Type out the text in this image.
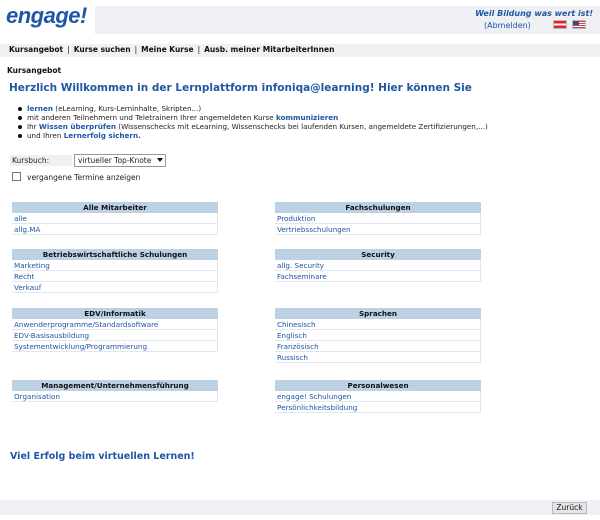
engage!	Weil Bildung was wert ist!
(Abmelden)
Kursangebot | Kurse suchen | Meine Kurse | Ausb. meiner MitarbeiterInnen
Kursangebot
Herzlich Willkommen in der Lernplattform infoniqa@learning! Hier können Sie
lernen (eLearning, Kurs-Lerninhalte, Skripten...)
mit anderen Teilnehmern und Teletrainern Ihrer angemeldeten Kurse kommunizieren
Ihr Wissen überprüfen (Wissenschecks mit eLearning, Wissenschecks bei laufenden Kursen, angemeldete Zertifizierungen,...)
und Ihren Lernerfolg sichern.
Kursbuch:	virtueller Top-Knote
vergangene Termine anzeigen
Alle Mitarbeiter
alle
allg.MA
Betriebswirtschaftliche Schulungen
Marketing
Recht
Verkauf
EDV/Informatik
Anwenderprogramme/Standardsoftware
EDV-Basisausbildung
Systementwicklung/Programmierung
Management/Unternehmensführung
Organisation
Fachschulungen
Produktion
Vertriebsschulungen
Security
allg. Security
Fachseminare
Sprachen
Chinesisch
Englisch
Französisch
Russisch
Personalwesen
engage! Schulungen
Persönlichkeitsbildung
Viel Erfolg beim virtuellen Lernen!
Zurück
